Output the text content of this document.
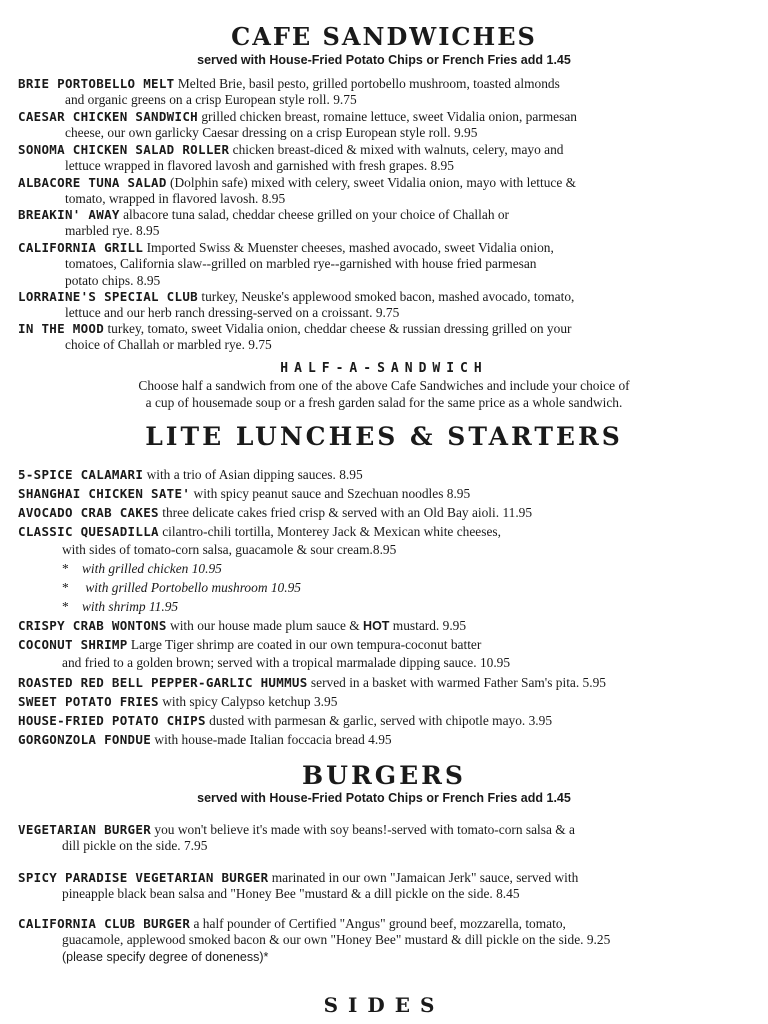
CAFE SANDWICHES
served with House-Fried Potato Chips or French Fries add 1.45
BRIE PORTOBELLO MELT Melted Brie, basil pesto, grilled portobello mushroom, toasted almonds
and organic greens on a crisp European style roll. 9.75
CAESAR CHICKEN SANDWICH grilled chicken breast, romaine lettuce, sweet Vidalia onion, parmesan
cheese, our own garlicky Caesar dressing on a crisp European style roll. 9.95
SONOMA CHICKEN SALAD ROLLER chicken breast-diced & mixed with walnuts, celery, mayo and
lettuce wrapped in flavored lavosh and garnished with fresh grapes. 8.95
ALBACORE TUNA SALAD (Dolphin safe) mixed with celery, sweet Vidalia onion, mayo with lettuce &
tomato, wrapped in flavored lavosh. 8.95
BREAKIN' AWAY albacore tuna salad, cheddar cheese grilled on your choice of Challah or
marbled rye. 8.95
CALIFORNIA GRILL Imported Swiss & Muenster cheeses, mashed avocado, sweet Vidalia onion,
tomatoes, California slaw--grilled on marbled rye--garnished with house fried parmesan
potato chips. 8.95
LORRAINE'S SPECIAL CLUB turkey, Neuske's applewood smoked bacon, mashed avocado, tomato,
lettuce and our herb ranch dressing-served on a croissant. 9.75
IN THE MOOD turkey, tomato, sweet Vidalia onion, cheddar cheese & russian dressing grilled on your
choice of Challah or marbled rye. 9.75
HALF-A-SANDWICH
Choose half a sandwich from one of the above Cafe Sandwiches and include your choice of
a cup of housemade soup or a fresh garden salad for the same price as a whole sandwich.
LITE LUNCHES & STARTERS
5-SPICE CALAMARI with a trio of Asian dipping sauces. 8.95
SHANGHAI CHICKEN SATE' with spicy peanut sauce and Szechuan noodles 8.95
AVOCADO CRAB CAKES three delicate cakes fried crisp & served with an Old Bay aioli. 11.95
CLASSIC QUESADILLA cilantro-chili tortilla, Monterey Jack & Mexican white cheeses,
with sides of tomato-corn salsa, guacamole & sour cream.8.95
* with grilled chicken 10.95
* with grilled Portobello mushroom 10.95
* with shrimp 11.95
CRISPY CRAB WONTONS with our house made plum sauce & HOT mustard. 9.95
COCONUT SHRIMP Large Tiger shrimp are coated in our own tempura-coconut batter
and fried to a golden brown; served with a tropical marmalade dipping sauce. 10.95
ROASTED RED BELL PEPPER-GARLIC HUMMUS served in a basket with warmed Father Sam's pita. 5.95
SWEET POTATO FRIES with spicy Calypso ketchup 3.95
HOUSE-FRIED POTATO CHIPS dusted with parmesan & garlic, served with chipotle mayo. 3.95
GORGONZOLA FONDUE with house-made Italian foccacia bread 4.95
BURGERS
served with House-Fried Potato Chips or French Fries add 1.45
VEGETARIAN BURGER you won't believe it's made with soy beans!-served with tomato-corn salsa & a
dill pickle on the side. 7.95
SPICY PARADISE VEGETARIAN BURGER marinated in our own "Jamaican Jerk" sauce, served with
pineapple black bean salsa and "Honey Bee "mustard & a dill pickle on the side. 8.45
CALIFORNIA CLUB BURGER a half pounder of Certified "Angus" ground beef, mozzarella, tomato,
guacamole, applewood smoked bacon & our own "Honey Bee" mustard & dill pickle on the side. 9.25
(please specify degree of doneness)*
SIDES
